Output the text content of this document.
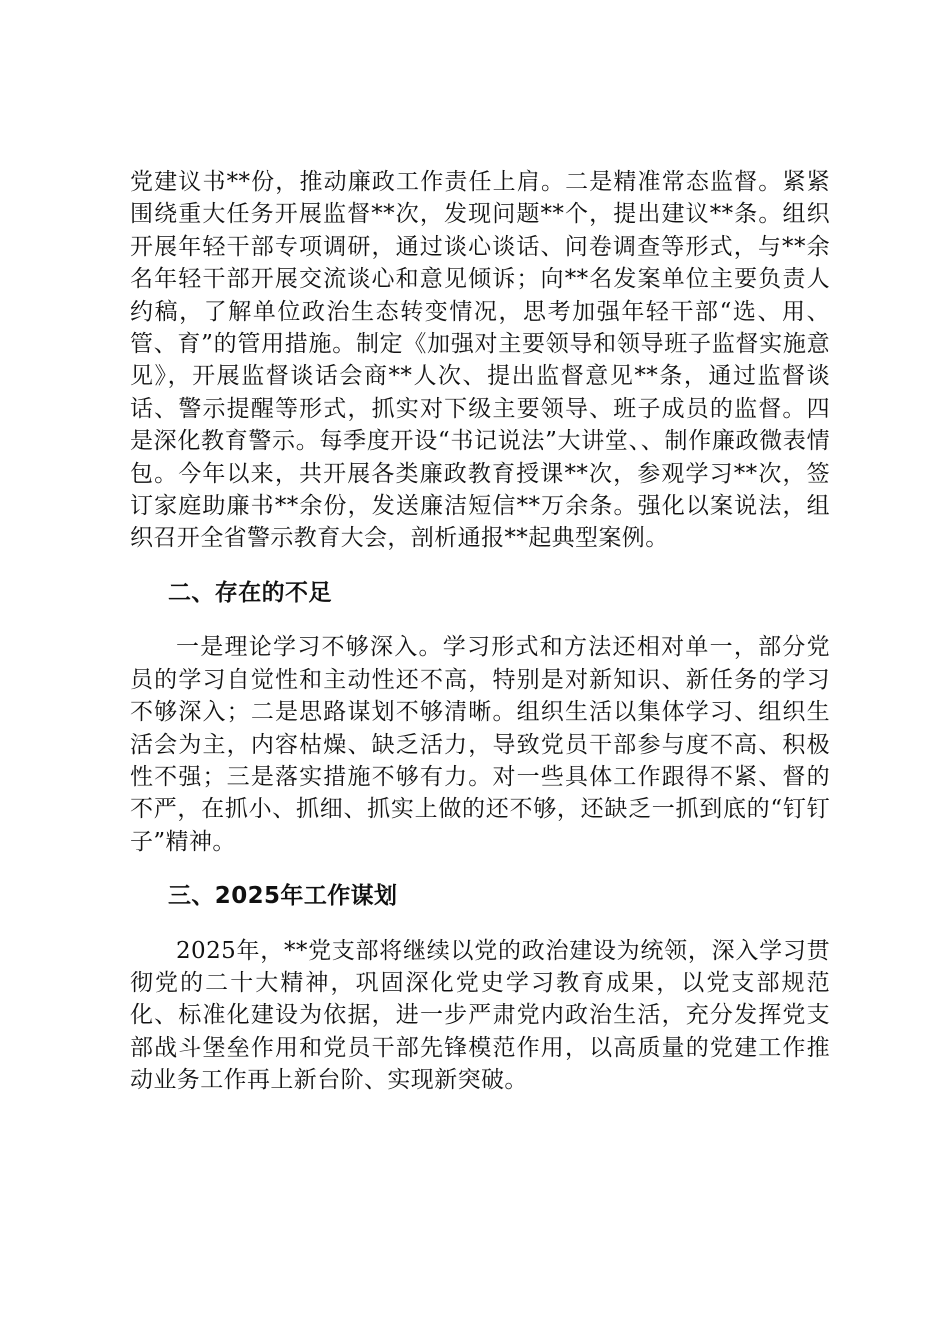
党建议书**份，推动廉政工作责任上肩。二是精准常态监督。紧紧围绕重大任务开展监督**次，发现问题**个，提出建议**条。组织开展年轻干部专项调研，通过谈心谈话、问卷调查等形式，与**余名年轻干部开展交流谈心和意见倾诉；向**名发案单位主要负责人约稿，了解单位政治生态转变情况，思考加强年轻干部“选、用、管、育”的管用措施。制定《加强对主要领导和领导班子监督实施意见》，开展监督谈话会商**人次、提出监督意见**条，通过监督谈话、警示提醒等形式，抓实对下级主要领导、班子成员的监督。四是深化教育警示。每季度开设“书记说法”大讲堂、、制作廉政微表情包。今年以来，共开展各类廉政教育授课**次，参观学习**次，签订家庭助廉书**余份，发送廉洁短信**万余条。强化以案说法，组织召开全省警示教育大会，剖析通报**起典型案例。

二、存在的不足

一是理论学习不够深入。学习形式和方法还相对单一，部分党员的学习自觉性和主动性还不高，特别是对新知识、新任务的学习不够深入；二是思路谋划不够清晰。组织生活以集体学习、组织生活会为主，内容枯燥、缺乏活力，导致党员干部参与度不高、积极性不强；三是落实措施不够有力。对一些具体工作跟得不紧、督的不严，在抓小、抓细、抓实上做的还不够，还缺乏一抓到底的“钉钉子”精神。

三、2025年工作谋划

2025年，**党支部将继续以党的政治建设为统领，深入学习贯彻党的二十大精神，巩固深化党史学习教育成果，以党支部规范化、标准化建设为依据，进一步严肃党内政治生活，充分发挥党支部战斗堡垒作用和党员干部先锋模范作用，以高质量的党建工作推动业务工作再上新台阶、实现新突破。
